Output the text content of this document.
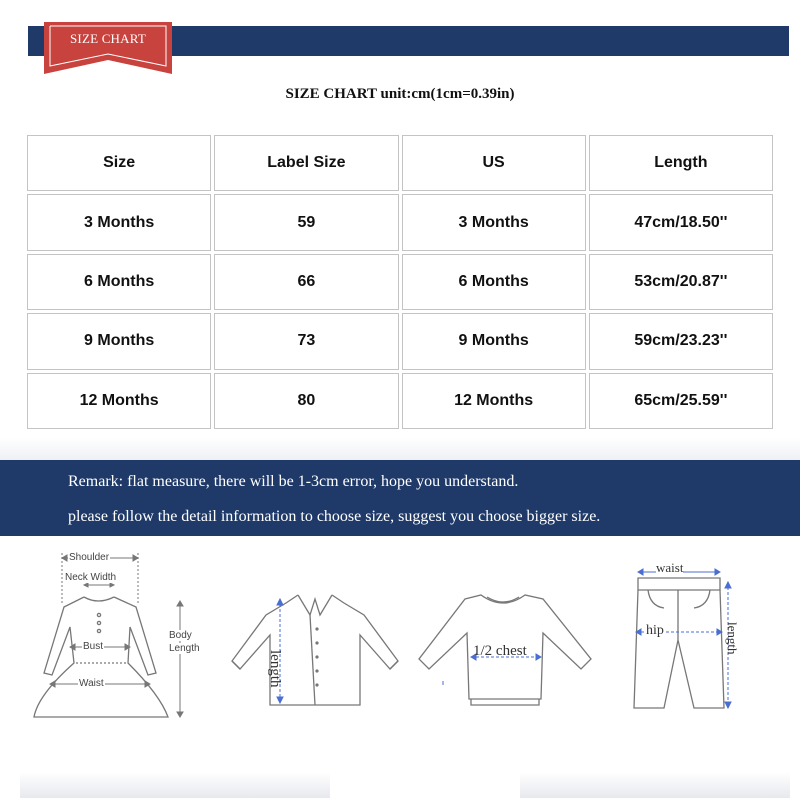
SIZE CHART
SIZE CHART unit:cm(1cm=0.39in)
Size	Label Size	US	Length
3 Months	59	3 Months	47cm/18.50''
6 Months	66	6 Months	53cm/20.87''
9 Months	73	9 Months	59cm/23.23''
12 Months	80	12 Months	65cm/25.59''
Remark: flat measure, there will be 1-3cm error, hope you understand.
please follow the detail information to choose size, suggest you choose bigger size.
Shoulder
Neck Width
Bust
Waist
Body
Length
length	1/2 chest
waist
hip	length
